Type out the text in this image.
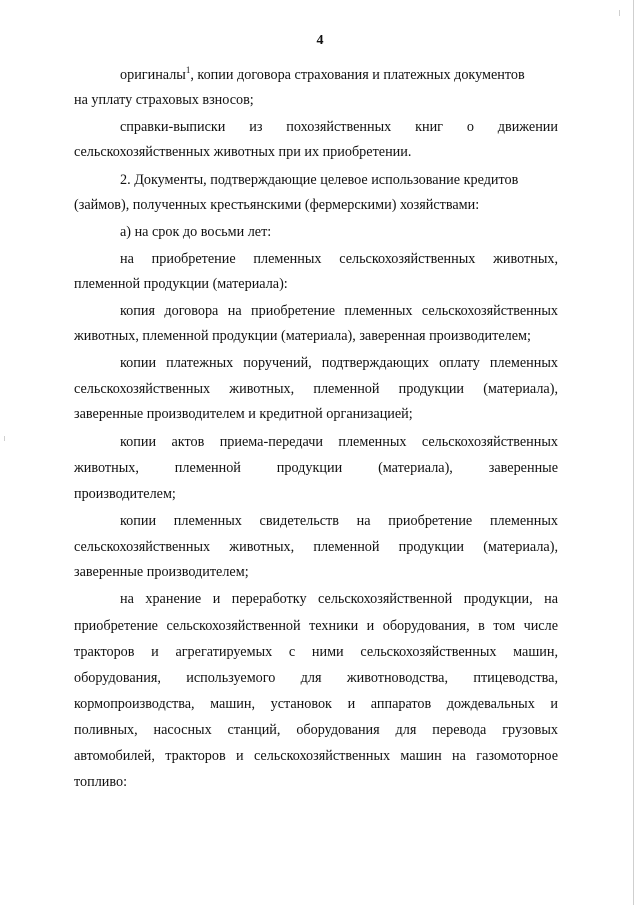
4
оригиналы$^1$, копии договора страхования и платежных документов
на уплату страховых взносов;
справки-выписки из похозяйственных книг о движении
сельскохозяйственных животных при их приобретении.
2. Документы, подтверждающие целевое использование кредитов
(займов), полученных крестьянскими (фермерскими) хозяйствами:
а) на срок до восьми лет:
на приобретение племенных сельскохозяйственных животных,
племенной продукции (материала):
копия договора на приобретение племенных сельскохозяйственных
животных, племенной продукции (материала), заверенная производителем;
копии платежных поручений, подтверждающих оплату племенных
сельскохозяйственных животных, племенной продукции (материала),
заверенные производителем и кредитной организацией;
копии актов приема-передачи племенных сельскохозяйственных
животных, племенной продукции (материала), заверенные
производителем;
копии племенных свидетельств на приобретение племенных
сельскохозяйственных животных, племенной продукции (материала),
заверенные производителем;
на хранение и переработку сельскохозяйственной продукции, на
приобретение сельскохозяйственной техники и оборудования, в том числе
тракторов и агрегатируемых с ними сельскохозяйственных машин,
оборудования, используемого для животноводства, птицеводства,
кормопроизводства, машин, установок и аппаратов дождевальных и
поливных, насосных станций, оборудования для перевода грузовых
автомобилей, тракторов и сельскохозяйственных машин на газомоторное
топливо:
